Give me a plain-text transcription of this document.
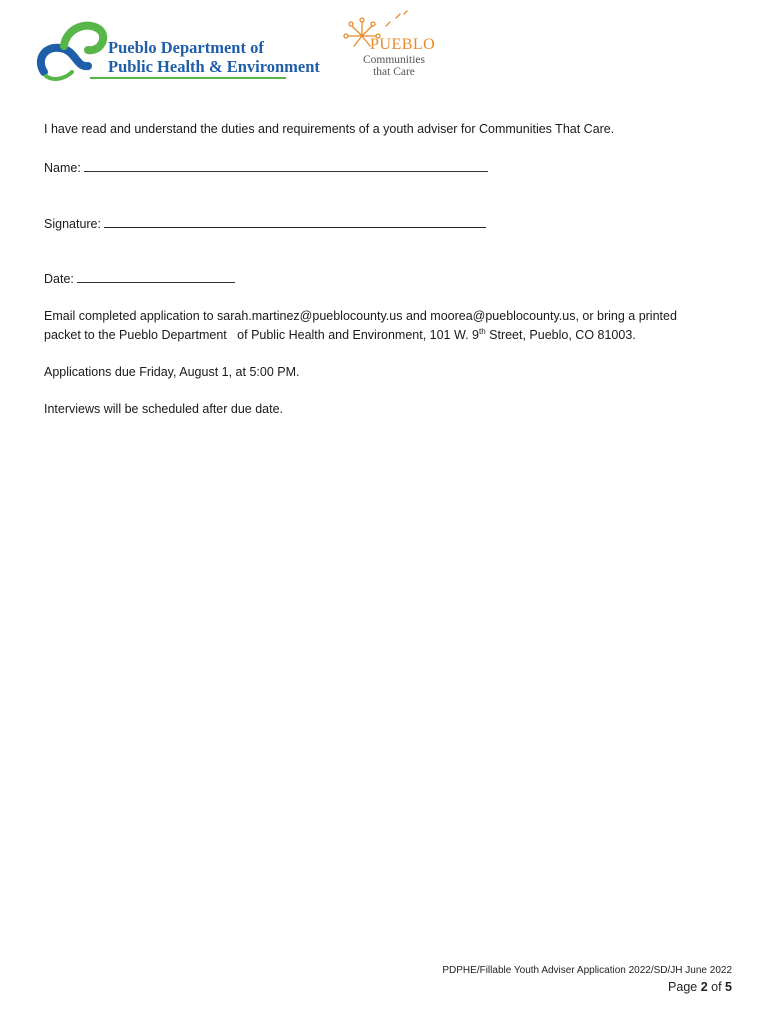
Pueblo Department of
Public Health & Environment
PUEBLO
Communities
that Care
I have read and understand the duties and requirements of a youth adviser for Communities That Care.
Name:
Signature:
Date:
Email completed application to sarah.martinez@pueblocounty.us and moorea@pueblocounty.us, or bring a printed
packet to the Pueblo Department   of Public Health and Environment, 101 W. 9th Street, Pueblo, CO 81003.
Applications due Friday, August 1, at 5:00 PM.
Interviews will be scheduled after due date.
PDPHE/Fillable Youth Adviser Application 2022/SD/JH June 2022
Page 2 of 5
